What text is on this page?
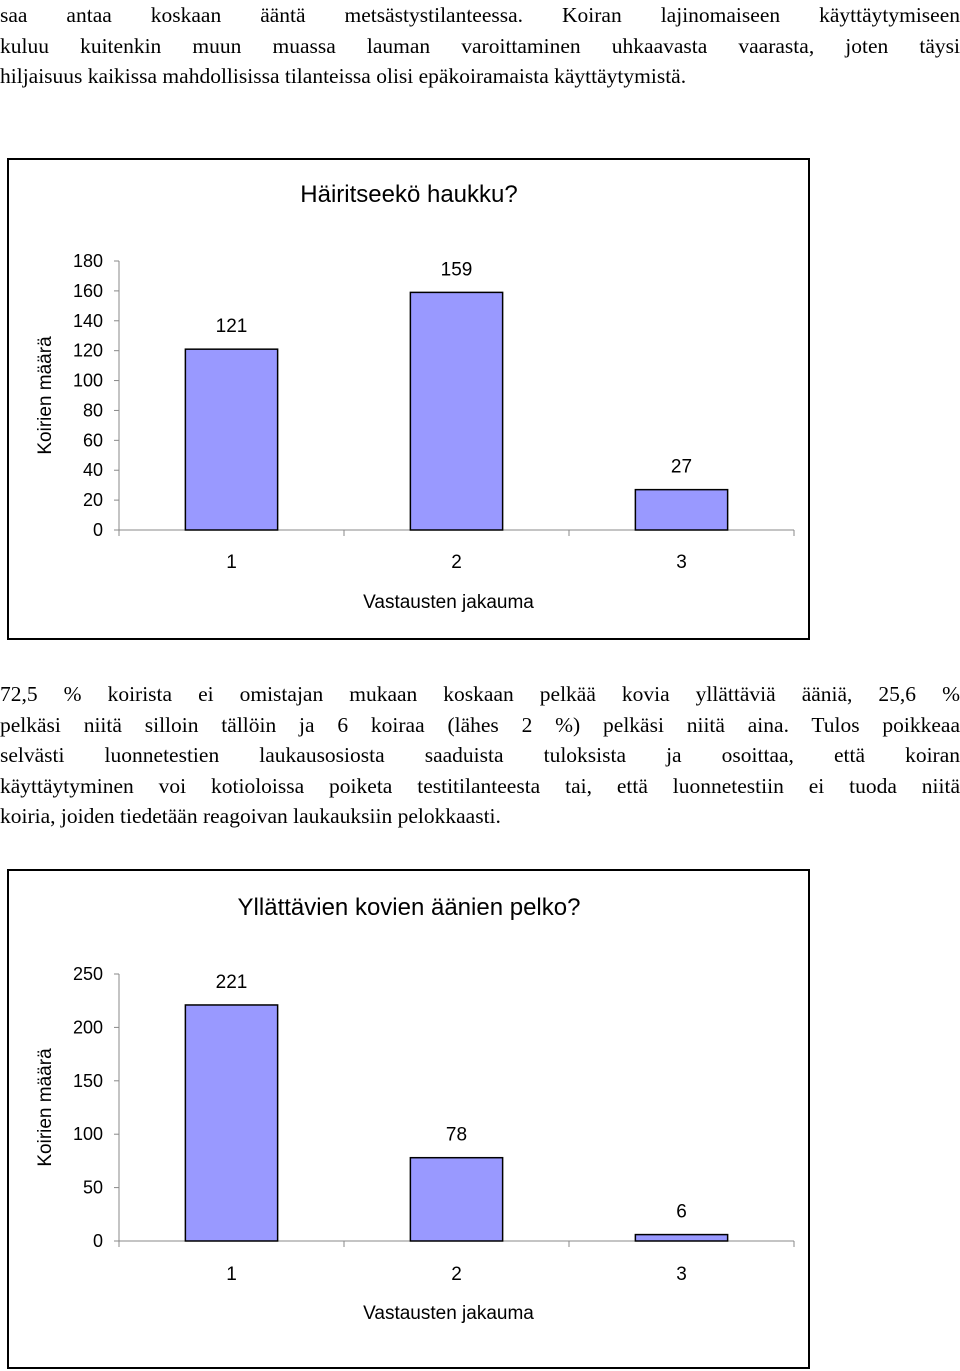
saa antaa koskaan ääntä metsästystilanteessa. Koiran lajinomaiseen käyttäytymiseen
kuluu kuitenkin muun muassa lauman varoittaminen uhkaavasta vaarasta, joten täysi
hiljaisuus kaikissa mahdollisissa tilanteissa olisi epäkoiramaista käyttäytymistä.
Häiritseekö haukku?
Koirien määrä
0
20
40
60
80
100
120
140
160
180
121
1
159
2
27
3
Vastausten jakauma
72,5 % koirista ei omistajan mukaan koskaan pelkää kovia yllättäviä ääniä, 25,6 %
pelkäsi niitä silloin tällöin ja 6 koiraa (lähes 2 %) pelkäsi niitä aina. Tulos poikkeaa
selvästi luonnetestien laukausosiosta saaduista tuloksista ja osoittaa, että koiran
käyttäytyminen voi kotioloissa poiketa testitilanteesta tai, että luonnetestiin ei tuoda niitä
koiria, joiden tiedetään reagoivan laukauksiin pelokkaasti.
Yllättävien kovien äänien pelko?
Koirien määrä
0
50
100
150
200
250	221
1
78
2
6
3
Vastausten jakauma
